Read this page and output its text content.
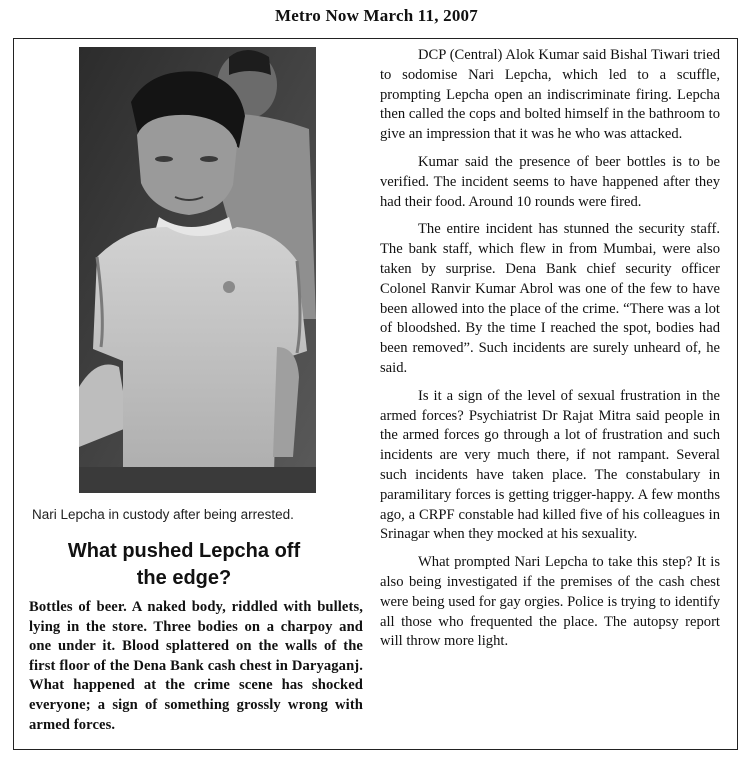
Metro Now March 11, 2007
Nari Lepcha in custody after being arrested.
What pushed Lepcha off
the edge?
Bottles of beer. A naked body, riddled with bullets, lying in the store. Three bodies on a charpoy and one under it. Blood splattered on the walls of the first floor of the Dena Bank cash chest in Daryaganj. What happened at the crime scene has shocked everyone; a sign of something grossly wrong with armed forces.

DCP (Central) Alok Kumar said Bishal Tiwari tried to sodomise Nari Lepcha, which led to a scuffle, prompting Lepcha open an indiscriminate firing. Lepcha then called the cops and bolted himself in the bathroom to give an impression that it was he who was attacked.

Kumar said the presence of beer bottles is to be verified. The incident seems to have happened after they had their food. Around 10 rounds were fired.

The entire incident has stunned the security staff. The bank staff, which flew in from Mumbai, were also taken by surprise. Dena Bank chief security officer Colonel Ranvir Kumar Abrol was one of the few to have been allowed into the place of the crime. “There was a lot of bloodshed. By the time I reached the spot, bodies had been removed”. Such incidents are surely unheard of, he said.

Is it a sign of the level of sexual frustration in the armed forces? Psychiatrist Dr Rajat Mitra said people in the armed forces go through a lot of frustration and such incidents are very much there, if not rampant. Several such incidents have taken place. The constabulary in paramilitary forces is getting trigger-happy. A few months ago, a CRPF constable had killed five of his colleagues in Srinagar when they mocked at his sexuality.

What prompted Nari Lepcha to take this step? It is also being investigated if the premises of the cash chest were being used for gay orgies. Police is trying to identify all those who frequented the place. The autopsy report will throw more light.
